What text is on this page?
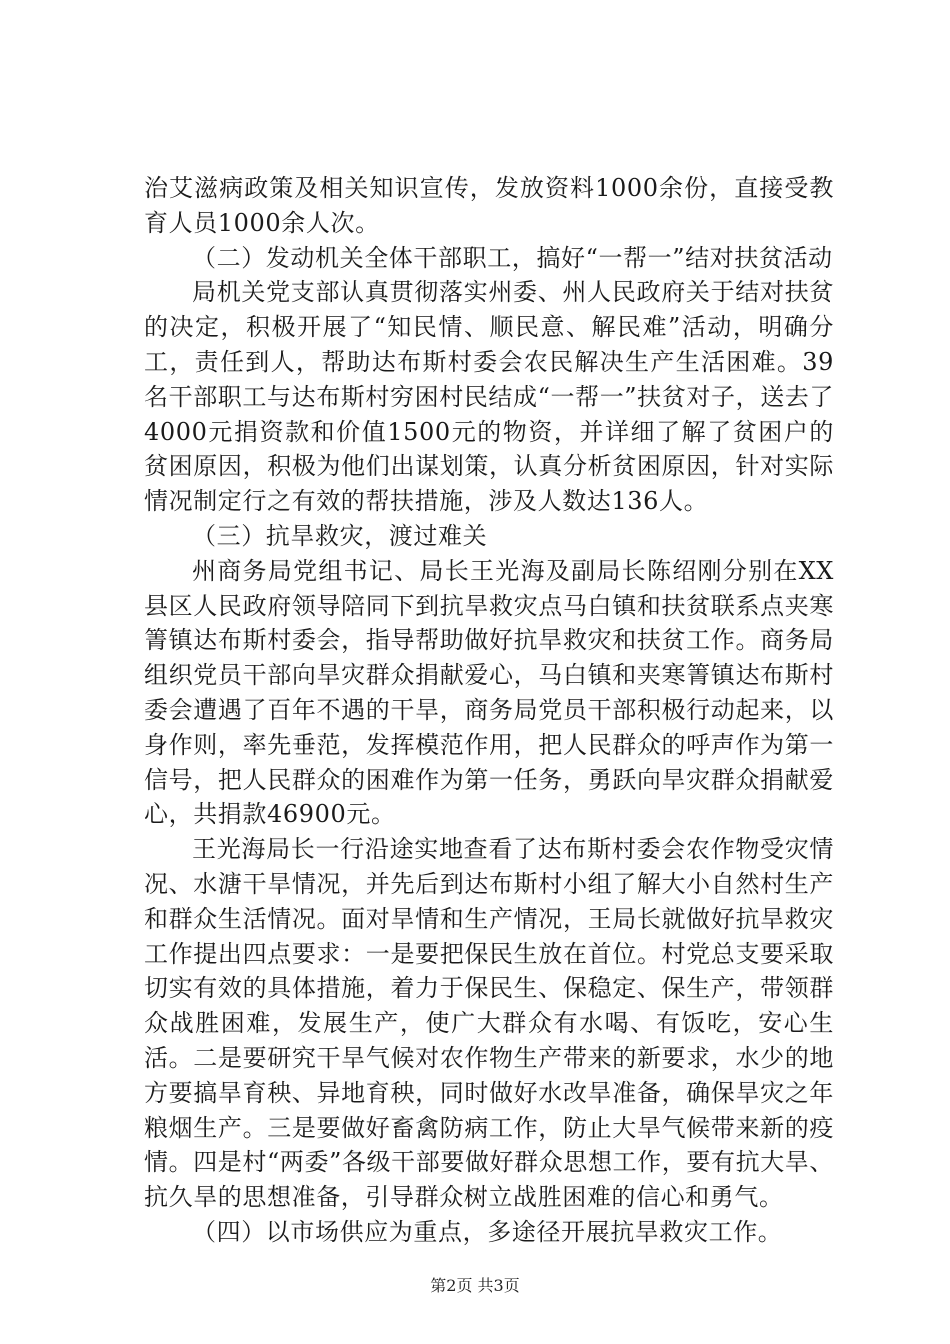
治艾滋病政策及相关知识宣传，发放资料1000余份，直接受教育人员1000余人次。

（二）发动机关全体干部职工，搞好“一帮一”结对扶贫活动

局机关党支部认真贯彻落实州委、州人民政府关于结对扶贫的决定，积极开展了“知民情、顺民意、解民难”活动，明确分工，责任到人，帮助达布斯村委会农民解决生产生活困难。39名干部职工与达布斯村穷困村民结成“一帮一”扶贫对子，送去了4000元捐资款和价值1500元的物资，并详细了解了贫困户的贫困原因，积极为他们出谋划策，认真分析贫困原因，针对实际情况制定行之有效的帮扶措施，涉及人数达136人。

（三）抗旱救灾，渡过难关

州商务局党组书记、局长王光海及副局长陈绍刚分别在XX县区人民政府领导陪同下到抗旱救灾点马白镇和扶贫联系点夹寒箐镇达布斯村委会，指导帮助做好抗旱救灾和扶贫工作。商务局组织党员干部向旱灾群众捐献爱心，马白镇和夹寒箐镇达布斯村委会遭遇了百年不遇的干旱，商务局党员干部积极行动起来，以身作则，率先垂范，发挥模范作用，把人民群众的呼声作为第一信号，把人民群众的困难作为第一任务，勇跃向旱灾群众捐献爱心，共捐款46900元。

王光海局长一行沿途实地查看了达布斯村委会农作物受灾情况、水溏干旱情况，并先后到达布斯村小组了解大小自然村生产和群众生活情况。面对旱情和生产情况，王局长就做好抗旱救灾工作提出四点要求：一是要把保民生放在首位。村党总支要采取切实有效的具体措施，着力于保民生、保稳定、保生产，带领群众战胜困难，发展生产，使广大群众有水喝、有饭吃，安心生活。二是要研究干旱气候对农作物生产带来的新要求，水少的地方要搞旱育秧、异地育秧，同时做好水改旱准备，确保旱灾之年粮烟生产。三是要做好畜禽防病工作，防止大旱气候带来新的疫情。四是村“两委”各级干部要做好群众思想工作，要有抗大旱、抗久旱的思想准备，引导群众树立战胜困难的信心和勇气。

（四）以市场供应为重点，多途径开展抗旱救灾工作。

第2页 共3页
